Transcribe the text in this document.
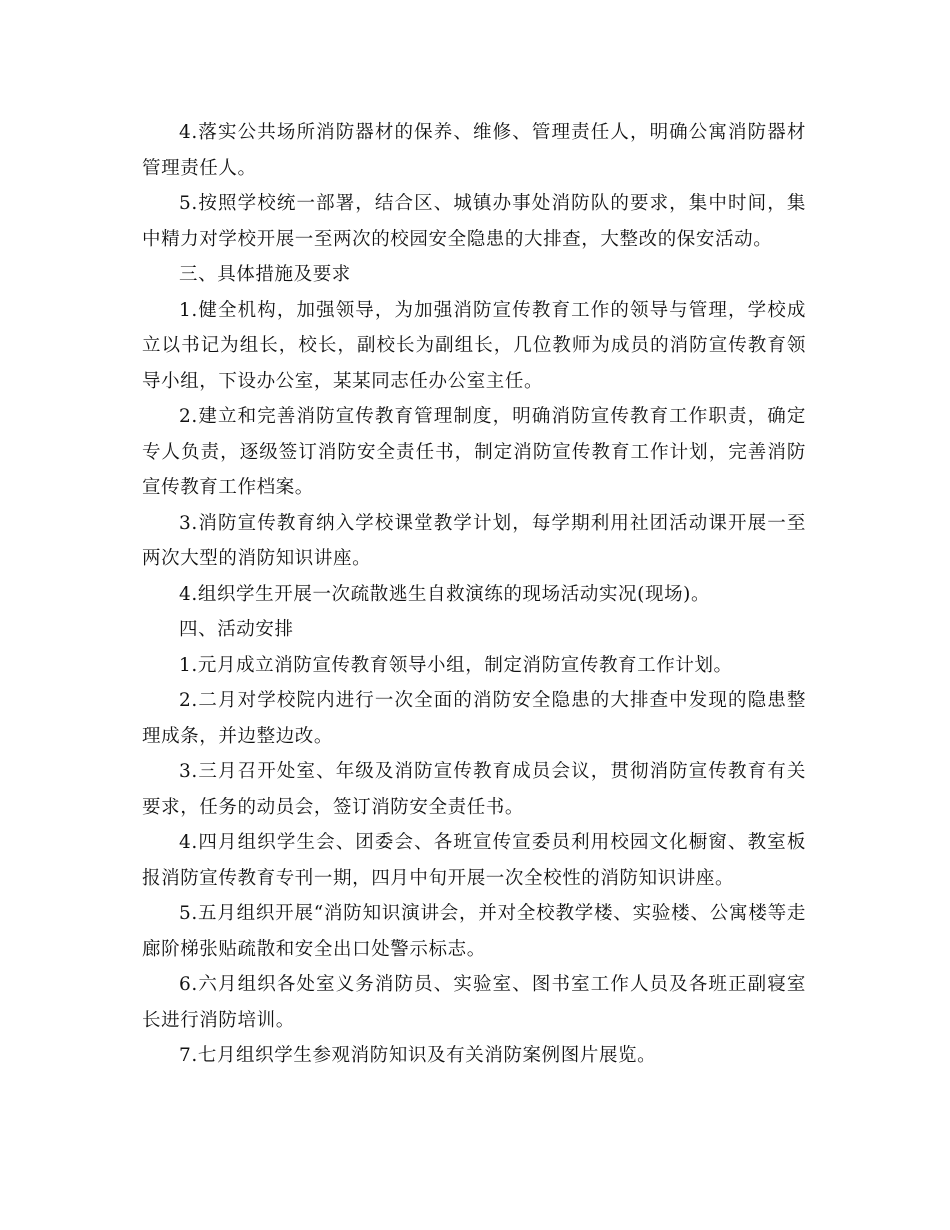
4.落实公共场所消防器材的保养、维修、管理责任人，明确公寓消防器材管理责任人。

5.按照学校统一部署，结合区、城镇办事处消防队的要求，集中时间，集中精力对学校开展一至两次的校园安全隐患的大排查，大整改的保安活动。

三、具体措施及要求

1.健全机构，加强领导，为加强消防宣传教育工作的领导与管理，学校成立以书记为组长，校长，副校长为副组长，几位教师为成员的消防宣传教育领导小组，下设办公室，某某同志任办公室主任。

2.建立和完善消防宣传教育管理制度，明确消防宣传教育工作职责，确定专人负责，逐级签订消防安全责任书，制定消防宣传教育工作计划，完善消防宣传教育工作档案。

3.消防宣传教育纳入学校课堂教学计划，每学期利用社团活动课开展一至两次大型的消防知识讲座。

4.组织学生开展一次疏散逃生自救演练的现场活动实况(现场)。

四、活动安排

1.元月成立消防宣传教育领导小组，制定消防宣传教育工作计划。

2.二月对学校院内进行一次全面的消防安全隐患的大排查中发现的隐患整理成条，并边整边改。

3.三月召开处室、年级及消防宣传教育成员会议，贯彻消防宣传教育有关要求，任务的动员会，签订消防安全责任书。

4.四月组织学生会、团委会、各班宣传宣委员利用校园文化橱窗、教室板报消防宣传教育专刊一期，四月中旬开展一次全校性的消防知识讲座。

5.五月组织开展“消防知识演讲会，并对全校教学楼、实验楼、公寓楼等走廊阶梯张贴疏散和安全出口处警示标志。

6.六月组织各处室义务消防员、实验室、图书室工作人员及各班正副寝室长进行消防培训。

7.七月组织学生参观消防知识及有关消防案例图片展览。
